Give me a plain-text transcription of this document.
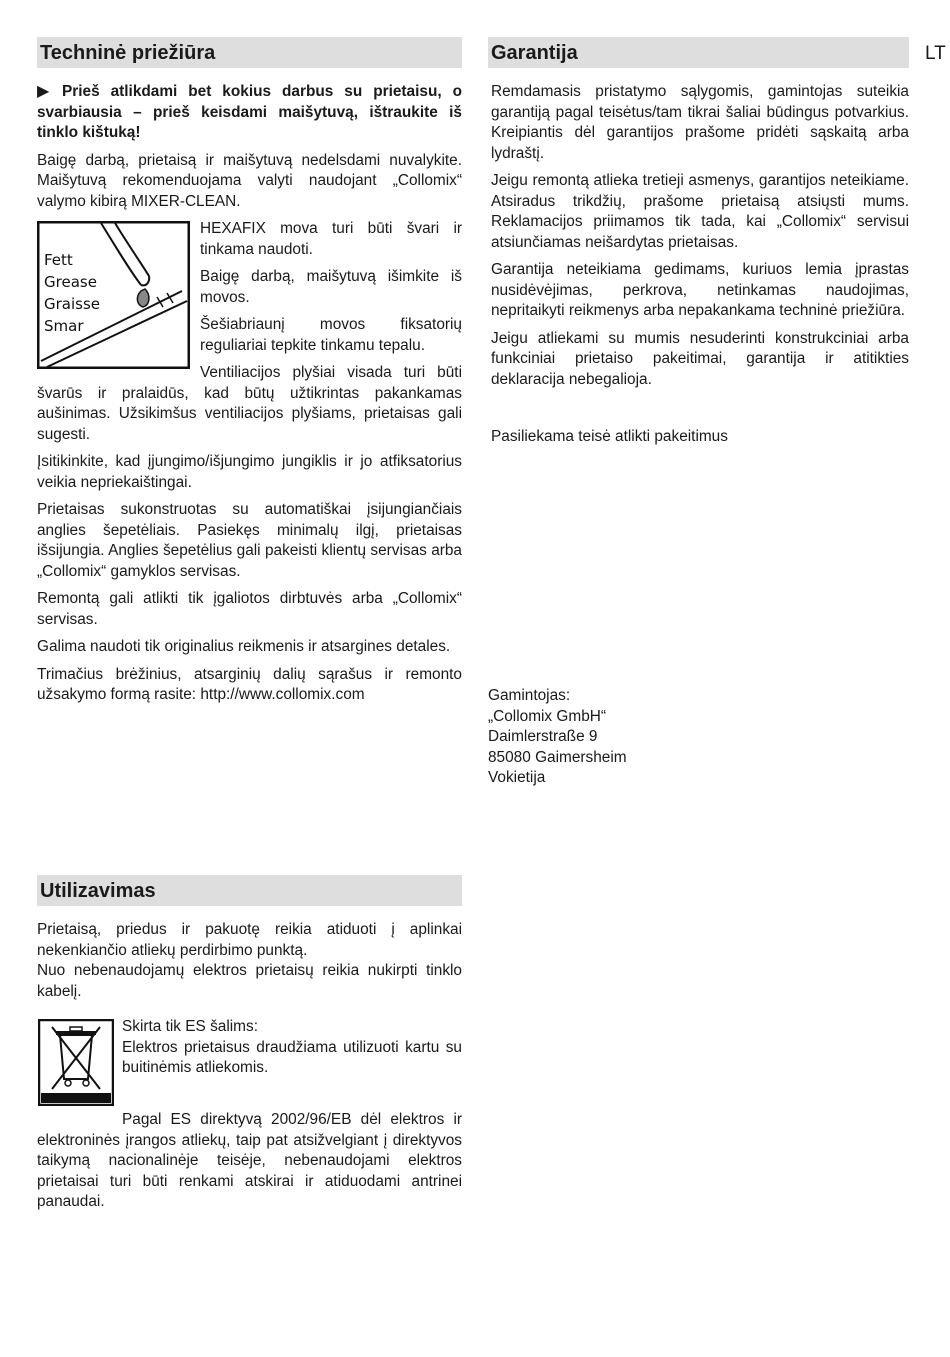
LT
Techninė priežiūra

▶ Prieš atlikdami bet kokius darbus su prietaisu, o svarbiausia – prieš keisdami maišytuvą, ištraukite iš tinklo kištuką!

Baigę darbą, prietaisą ir maišytuvą nedelsdami nuvalykite. Maišytuvą rekomenduojama valyti naudojant „Collomix“ valymo kibirą MIXER-CLEAN.

Fett
Grease
Graisse
Smar

HEXAFIX mova turi būti švari ir tinkama naudoti.

Baigę darbą, maišytuvą išimkite iš movos.

Šešiabriaunį movos fiksatorių reguliariai tepkite tinkamu tepalu.

Ventiliacijos plyšiai visada turi būti švarūs ir pralaidūs, kad būtų užtikrintas pakankamas aušinimas. Užsikimšus ventiliacijos plyšiams, prietaisas gali sugesti.

Įsitikinkite, kad įjungimo/išjungimo jungiklis ir jo atfiksatorius veikia nepriekaištingai.

Prietaisas sukonstruotas su automatiškai įsijungiančiais anglies šepetėliais. Pasiekęs minimalų ilgį, prietaisas išsijungia. Anglies šepetėlius gali pakeisti klientų servisas arba „Collomix“ gamyklos servisas.

Remontą gali atlikti tik įgaliotos dirbtuvės arba „Collomix“ servisas.

Galima naudoti tik originalius reikmenis ir atsargines detales.

Trimačius brėžinius, atsarginių dalių sąrašus ir remonto užsakymo formą rasite: http://www.collomix.com

Utilizavimas

Prietaisą, priedus ir pakuotę reikia atiduoti į aplinkai nekenkiančio atliekų perdirbimo punktą.

Nuo nebenaudojamų elektros prietaisų reikia nukirpti tinklo kabelį.

Skirta tik ES šalims:

Elektros prietaisus draudžiama utilizuoti kartu su buitinėmis atliekomis.

Pagal ES direktyvą 2002/96/EB dėl elektros ir elektroninės įrangos atliekų, taip pat atsižvelgiant į direktyvos taikymą nacionalinėje teisėje, nebenaudojami elektros prietaisai turi būti renkami atskirai ir atiduodami antrinei panaudai.

Garantija

Remdamasis pristatymo sąlygomis, gamintojas suteikia garantiją pagal teisėtus/tam tikrai šaliai būdingus potvarkius. Kreipiantis dėl garantijos prašome pridėti sąskaitą arba lydraštį.

Jeigu remontą atlieka tretieji asmenys, garantijos neteikiame. Atsiradus trikdžių, prašome prietaisą atsiųsti mums. Reklamacijos priimamos tik tada, kai „Collomix“ servisui atsiunčiamas neišardytas prietaisas.

Garantija neteikiama gedimams, kuriuos lemia įprastas nusidėvėjimas, perkrova, netinkamas naudojimas, nepritaikyti reikmenys arba nepakankama techninė priežiūra.

Jeigu atliekami su mumis nesuderinti konstrukciniai arba funkciniai prietaiso pakeitimai, garantija ir atitikties deklaracija nebegalioja.

Pasiliekama teisė atlikti pakeitimus

Gamintojas:

„Collomix GmbH“

Daimlerstraße 9

85080 Gaimersheim

Vokietija
